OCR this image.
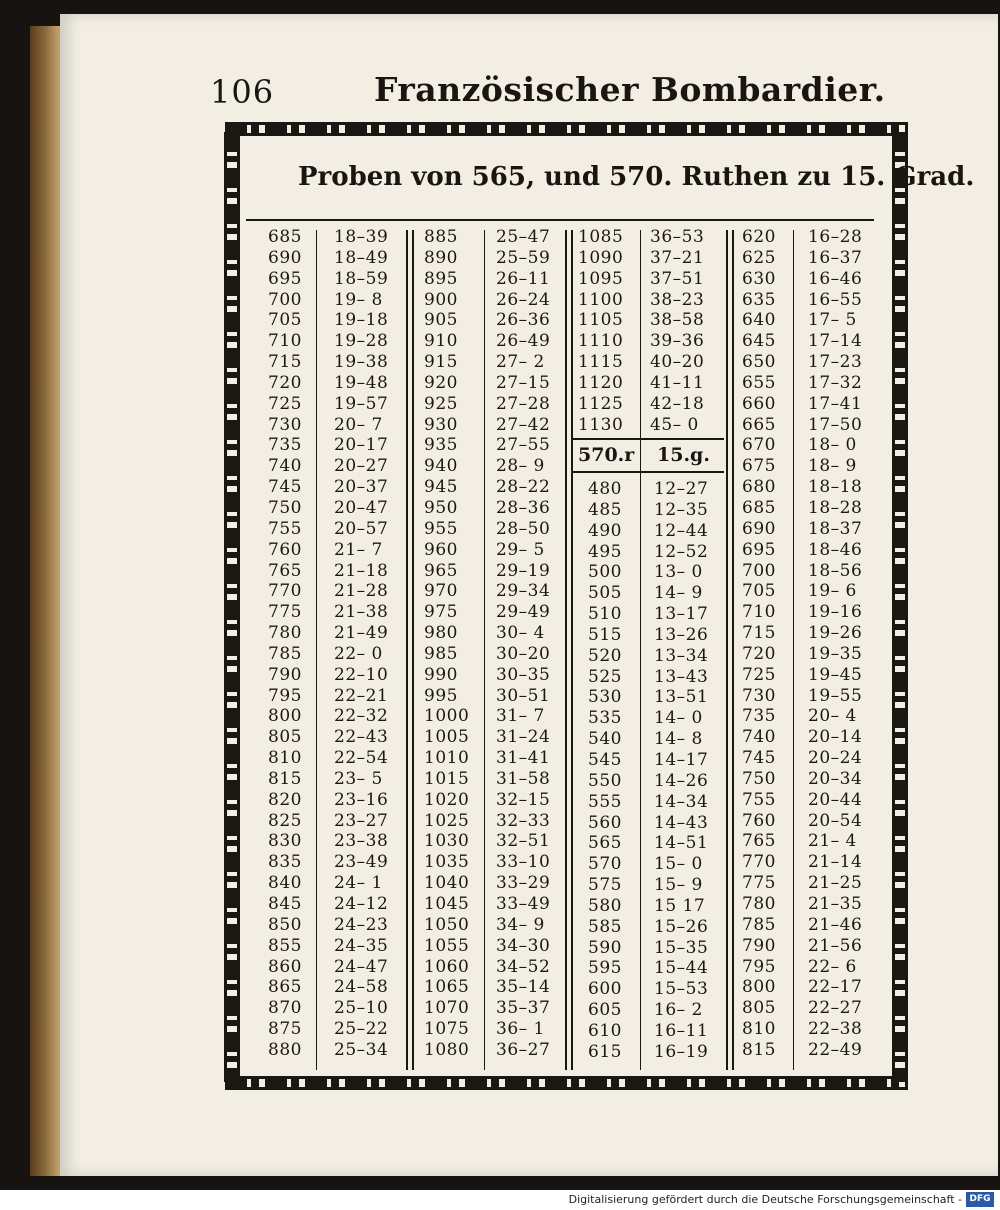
106	Französischer Bombardier.
Proben von 565, und 570. Ruthen zu 15. Grad.
685
690
695
700
705
710
715
720
725
730
735
740
745
750
755
760
765
770
775
780
785
790
795
800
805
810
815
820
825
830
835
840
845
850
855
860
865
870
875
880
18–39
18–49
18–59
19– 8
19–18
19–28
19–38
19–48
19–57
20– 7
20–17
20–27
20–37
20–47
20–57
21– 7
21–18
21–28
21–38
21–49
22– 0
22–10
22–21
22–32
22–43
22–54
23– 5
23–16
23–27
23–38
23–49
24– 1
24–12
24–23
24–35
24–47
24–58
25–10
25–22
25–34
885
890
895
900
905
910
915
920
925
930
935
940
945
950
955
960
965
970
975
980
985
990
995
1000
1005
1010
1015
1020
1025
1030
1035
1040
1045
1050
1055
1060
1065
1070
1075
1080
25–47
25–59
26–11
26–24
26–36
26–49
27– 2
27–15
27–28
27–42
27–55
28– 9
28–22
28–36
28–50
29– 5
29–19
29–34
29–49
30– 4
30–20
30–35
30–51
31– 7
31–24
31–41
31–58
32–15
32–33
32–51
33–10
33–29
33–49
34– 9
34–30
34–52
35–14
35–37
36– 1
36–27
1085
1090
1095
1100
1105
1110
1115
1120
1125
1130
36–53
37–21
37–51
38–23
38–58
39–36
40–20
41–11
42–18
45– 0
570.r 15.g.
480
485
490
495
500
505
510
515
520
525
530
535
540
545
550
555
560
565
570
575
580
585
590
595
600
605
610
615
12–27
12–35
12–44
12–52
13– 0
14– 9
13–17
13–26
13–34
13–43
13–51
14– 0
14– 8
14–17
14–26
14–34
14–43
14–51
15– 0
15– 9
15 17
15–26
15–35
15–44
15–53
16– 2
16–11
16–19
620
625
630
635
640
645
650
655
660
665
670
675
680
685
690
695
700
705
710
715
720
725
730
735
740
745
750
755
760
765
770
775
780
785
790
795
800
805
810
815
16–28
16–37
16–46
16–55
17– 5
17–14
17–23
17–32
17–41
17–50
18– 0
18– 9
18–18
18–28
18–37
18–46
18–56
19– 6
19–16
19–26
19–35
19–45
19–55
20– 4
20–14
20–24
20–34
20–44
20–54
21– 4
21–14
21–25
21–35
21–46
21–56
22– 6
22–17
22–27
22–38
22–49
Digitalisierung gefördert durch die Deutsche Forschungsgemeinschaft - DFG
